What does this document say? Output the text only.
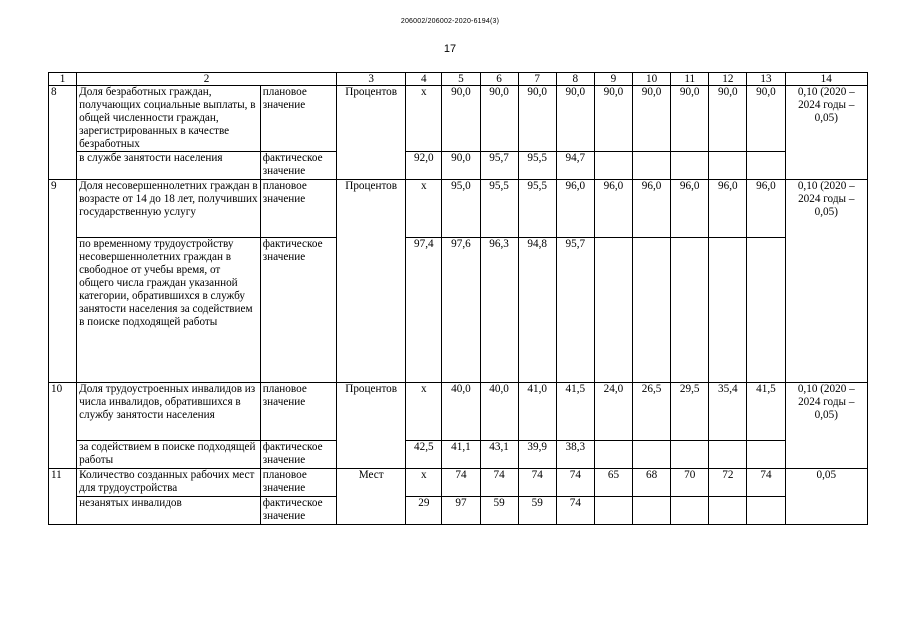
206002/206002-2020-6194(3)
17
1	2		3	4	5	6	7	8	9	10	11	12	13	14
8	Доля безработных граждан, получающих социальные выплаты, в общей численности граждан, зарегистрированных в качестве безработных	плановое значение	Процентов	х	90,0	90,0	90,0	90,0	90,0	90,0	90,0	90,0	90,0	0,10 (2020 – 2024 годы – 0,05)
	в службе занятости населения	фактическое значение		92,0	90,0	95,7	95,5	94,7						
9	Доля несовершеннолетних граждан в возрасте от 14 до 18 лет, получивших государственную услугу	плановое значение	Процентов	х	95,0	95,5	95,5	96,0	96,0	96,0	96,0	96,0	96,0	0,10 (2020 – 2024 годы – 0,05)
	по временному трудоустройству несовершеннолетних граждан в свободное от учебы время, от общего числа граждан указанной категории, обратившихся в службу занятости населения за содействием в поиске подходящей работы	фактическое значение		97,4	97,6	96,3	94,8	95,7						
10	Доля трудоустроенных инвалидов из числа инвалидов, обратившихся в службу занятости населения	плановое значение	Процентов	х	40,0	40,0	41,0	41,5	24,0	26,5	29,5	35,4	41,5	0,10 (2020 – 2024 годы – 0,05)
	за содействием в поиске подходящей работы	фактическое значение		42,5	41,1	43,1	39,9	38,3						
11	Количество созданных рабочих мест для трудоустройства	плановое значение	Мест	х	74	74	74	74	65	68	70	72	74	0,05
	незанятых инвалидов	фактическое значение		29	97	59	59	74						
